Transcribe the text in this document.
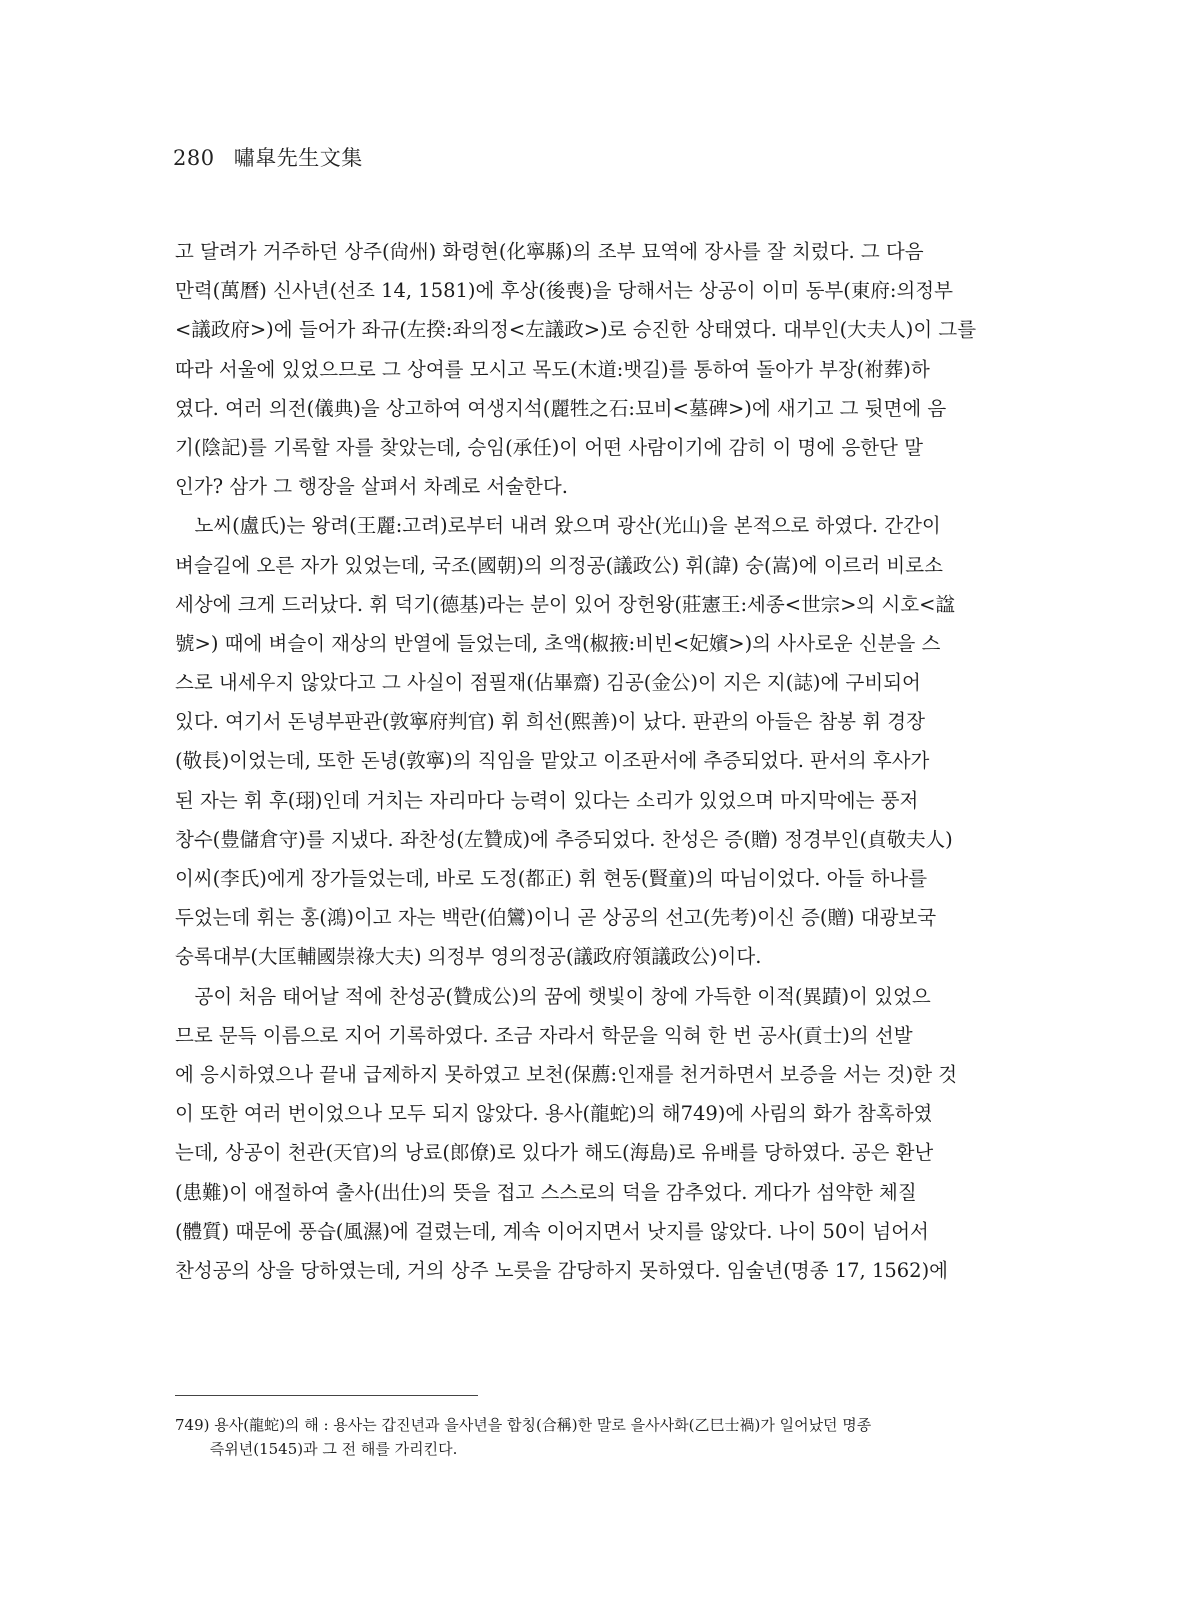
280 嘯皐先生文集
고 달려가 거주하던 상주(尙州) 화령현(化寧縣)의 조부 묘역에 장사를 잘 치렀다. 그 다음
만력(萬曆) 신사년(선조 14, 1581)에 후상(後喪)을 당해서는 상공이 이미 동부(東府:의정부
<議政府>)에 들어가 좌규(左揆:좌의정<左議政>)로 승진한 상태였다. 대부인(大夫人)이 그를
따라 서울에 있었으므로 그 상여를 모시고 목도(木道:뱃길)를 통하여 돌아가 부장(祔葬)하
였다. 여러 의전(儀典)을 상고하여 여생지석(麗牲之石:묘비<墓碑>)에 새기고 그 뒷면에 음
기(陰記)를 기록할 자를 찾았는데, 승임(承任)이 어떤 사람이기에 감히 이 명에 응한단 말
인가? 삼가 그 행장을 살펴서 차례로 서술한다.
　노씨(盧氏)는 왕려(王麗:고려)로부터 내려 왔으며 광산(光山)을 본적으로 하였다. 간간이
벼슬길에 오른 자가 있었는데, 국조(國朝)의 의정공(議政公) 휘(諱) 숭(嵩)에 이르러 비로소
세상에 크게 드러났다. 휘 덕기(德基)라는 분이 있어 장헌왕(莊憲王:세종<世宗>의 시호<諡
號>) 때에 벼슬이 재상의 반열에 들었는데, 초액(椒掖:비빈<妃嬪>)의 사사로운 신분을 스
스로 내세우지 않았다고 그 사실이 점필재(佔畢齋) 김공(金公)이 지은 지(誌)에 구비되어
있다. 여기서 돈녕부판관(敦寧府判官) 휘 희선(熙善)이 났다. 판관의 아들은 참봉 휘 경장
(敬長)이었는데, 또한 돈녕(敦寧)의 직임을 맡았고 이조판서에 추증되었다. 판서의 후사가
된 자는 휘 후(珝)인데 거치는 자리마다 능력이 있다는 소리가 있었으며 마지막에는 풍저
창수(豊儲倉守)를 지냈다. 좌찬성(左贊成)에 추증되었다. 찬성은 증(贈) 정경부인(貞敬夫人)
이씨(李氏)에게 장가들었는데, 바로 도정(都正) 휘 현동(賢童)의 따님이었다. 아들 하나를
두었는데 휘는 홍(鴻)이고 자는 백란(伯鸞)이니 곧 상공의 선고(先考)이신 증(贈) 대광보국
숭록대부(大匡輔國崇祿大夫) 의정부 영의정공(議政府領議政公)이다.
　공이 처음 태어날 적에 찬성공(贊成公)의 꿈에 햇빛이 창에 가득한 이적(異蹟)이 있었으
므로 문득 이름으로 지어 기록하였다. 조금 자라서 학문을 익혀 한 번 공사(貢士)의 선발
에 응시하였으나 끝내 급제하지 못하였고 보천(保薦:인재를 천거하면서 보증을 서는 것)한 것
이 또한 여러 번이었으나 모두 되지 않았다. 용사(龍蛇)의 해749)에 사림의 화가 참혹하였
는데, 상공이 천관(天官)의 낭료(郎僚)로 있다가 해도(海島)로 유배를 당하였다. 공은 환난
(患難)이 애절하여 출사(出仕)의 뜻을 접고 스스로의 덕을 감추었다. 게다가 섬약한 체질
(體質) 때문에 풍습(風濕)에 걸렸는데, 계속 이어지면서 낫지를 않았다. 나이 50이 넘어서
찬성공의 상을 당하였는데, 거의 상주 노릇을 감당하지 못하였다. 임술년(명종 17, 1562)에
749) 용사(龍蛇)의 해 : 용사는 갑진년과 을사년을 합칭(合稱)한 말로 을사사화(乙巳士禍)가 일어났던 명종
　　 즉위년(1545)과 그 전 해를 가리킨다.
